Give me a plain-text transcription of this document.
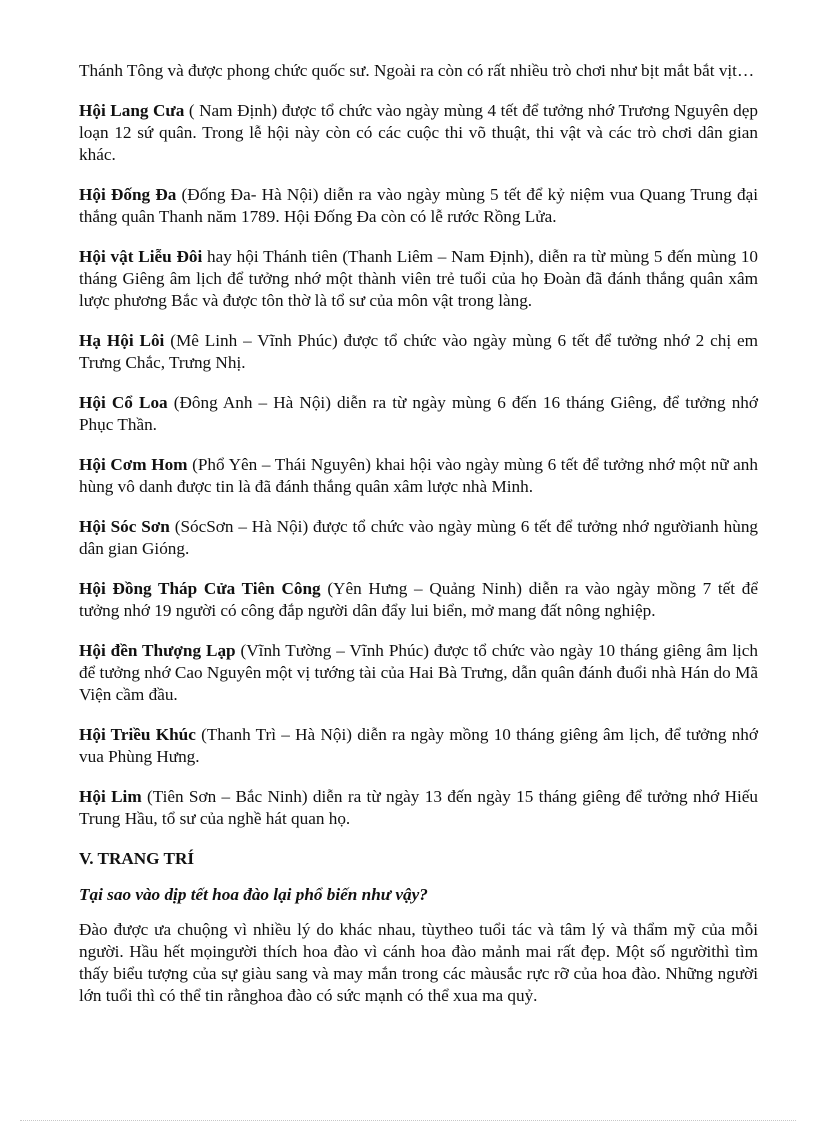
Thánh Tông và được phong chức quốc sư. Ngoài ra còn có rất nhiều trò chơi như bịt mắt bắt vịt…

Hội Lang Cưa ( Nam Định) được tổ chức vào ngày mùng 4 tết để tưởng nhớ Trương Nguyên dẹp loạn 12 sứ quân. Trong lễ hội này còn có các cuộc thi võ thuật, thi vật và các trò chơi dân gian khác.

Hội Đống Đa (Đống Đa- Hà Nội) diễn ra vào ngày mùng 5 tết để kỷ niệm vua Quang Trung đại thắng quân Thanh năm 1789. Hội Đống Đa còn có lễ rước Rồng Lửa.

Hội vật Liễu Đôi hay hội Thánh tiên (Thanh Liêm – Nam Định), diễn ra từ mùng 5 đến mùng 10 tháng Giêng âm lịch để tưởng nhớ một thành viên trẻ tuổi của họ Đoàn đã đánh thắng quân xâm lược phương Bắc và được tôn thờ là tổ sư của môn vật trong làng.

Hạ Hội Lôi (Mê Linh – Vĩnh Phúc) được tổ chức vào ngày mùng 6 tết để tưởng nhớ 2 chị em Trưng Chắc, Trưng Nhị.

Hội Cổ Loa (Đông Anh – Hà Nội) diễn ra từ ngày mùng 6 đến 16 tháng Giêng, để tưởng nhớ Phục Thần.

Hội Cơm Hom (Phổ Yên – Thái Nguyên) khai hội vào ngày mùng 6 tết để tưởng nhớ một nữ anh hùng vô danh được tin là đã đánh thắng quân xâm lược nhà Minh.

Hội Sóc Sơn (SócSơn – Hà Nội) được tổ chức vào ngày mùng 6 tết để tưởng nhớ ngườianh hùng dân gian Gióng.

Hội Đồng Tháp Cửa Tiên Công (Yên Hưng – Quảng Ninh) diễn ra vào ngày mồng 7 tết để tưởng nhớ 19 người có công đắp người dân đẩy lui biển, mở mang đất nông nghiệp.

Hội đền Thượng Lạp (Vĩnh Tường – Vĩnh Phúc) được tổ chức vào ngày 10 tháng giêng âm lịch để tưởng nhớ Cao Nguyên một vị tướng tài của Hai Bà Trưng, dẫn quân đánh đuổi nhà Hán do Mã Viện cầm đầu.

Hội Triều Khúc (Thanh Trì – Hà Nội) diễn ra ngày mồng 10 tháng giêng âm lịch, để tưởng nhớ vua Phùng Hưng.

Hội Lim (Tiên Sơn – Bắc Ninh) diễn ra từ ngày 13 đến ngày 15 tháng giêng để tưởng nhớ Hiếu Trung Hầu, tổ sư của nghề hát quan họ.

V. TRANG TRÍ

Tại sao vào dịp tết hoa đào lại phổ biến như vậy?

Đào được ưa chuộng vì nhiều lý do khác nhau, tùytheo tuổi tác và tâm lý và thẩm mỹ của mỗi người. Hầu hết mọingười thích hoa đào vì cánh hoa đào mảnh mai rất đẹp. Một số ngườithì tìm thấy biểu tượng của sự giàu sang và may mắn trong các màusắc rực rỡ của hoa đào. Những người lớn tuổi thì có thể tin rằnghoa đào có sức mạnh có thể xua ma quỷ.
